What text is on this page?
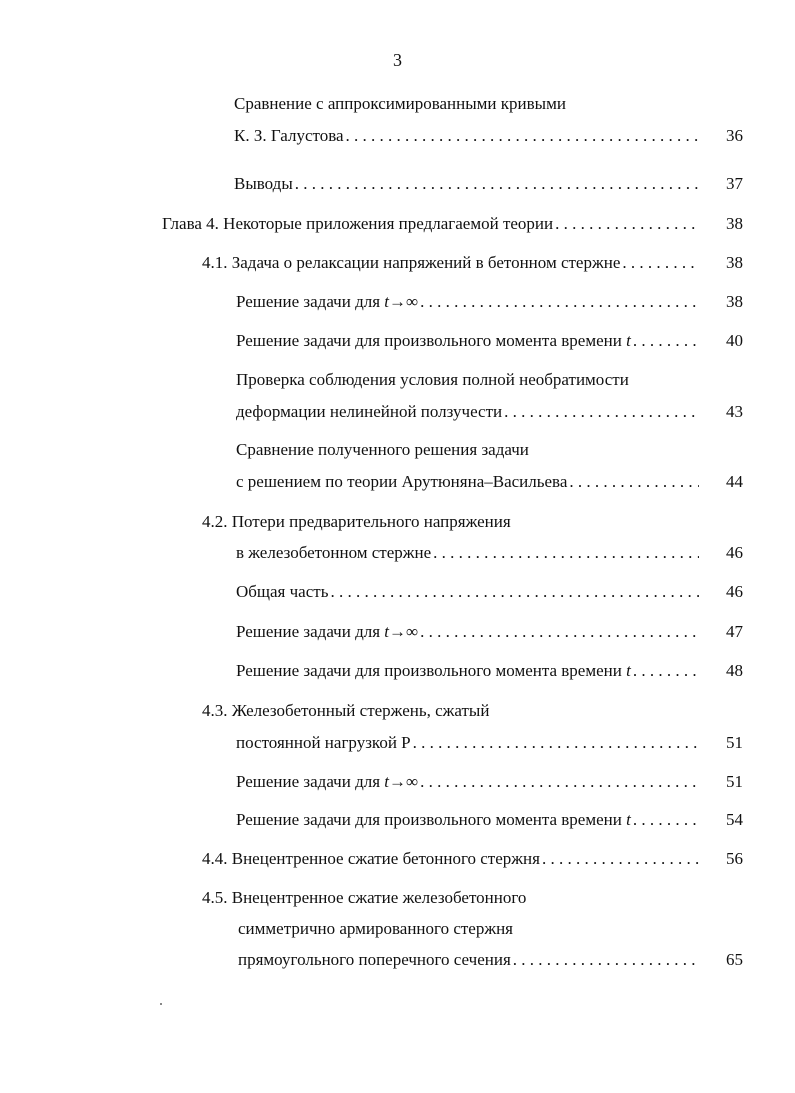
3
Сравнение с аппроксимированными кривыми
К. З. Галустова . . .	36
Выводы . . .	37
Глава 4. Некоторые приложения предлагаемой теории . . .	38
4.1. Задача о релаксации напряжений в бетонном стержне . . .	38
Решение задачи для t→∞ . . .	38
Решение задачи для произвольного момента времени t . . .	40
Проверка соблюдения условия полной необратимости
деформации нелинейной ползучести . . .	43
Сравнение полученного решения задачи
с решением по теории Арутюняна–Васильева . . .	44
4.2. Потери предварительного напряжения
в железобетонном стержне . . .	46
Общая часть . . .	46
Решение задачи для t→∞ . . .	47
Решение задачи для произвольного момента времени t . . .	48
4.3. Железобетонный стержень, сжатый
постоянной нагрузкой P . . .	51
Решение задачи для t→∞ . . .	51
Решение задачи для произвольного момента времени t . . .	54
4.4. Внецентренное сжатие бетонного стержня . . .	56
4.5. Внецентренное сжатие железобетонного
симметрично армированного стержня
прямоугольного поперечного сечения . . .	65
